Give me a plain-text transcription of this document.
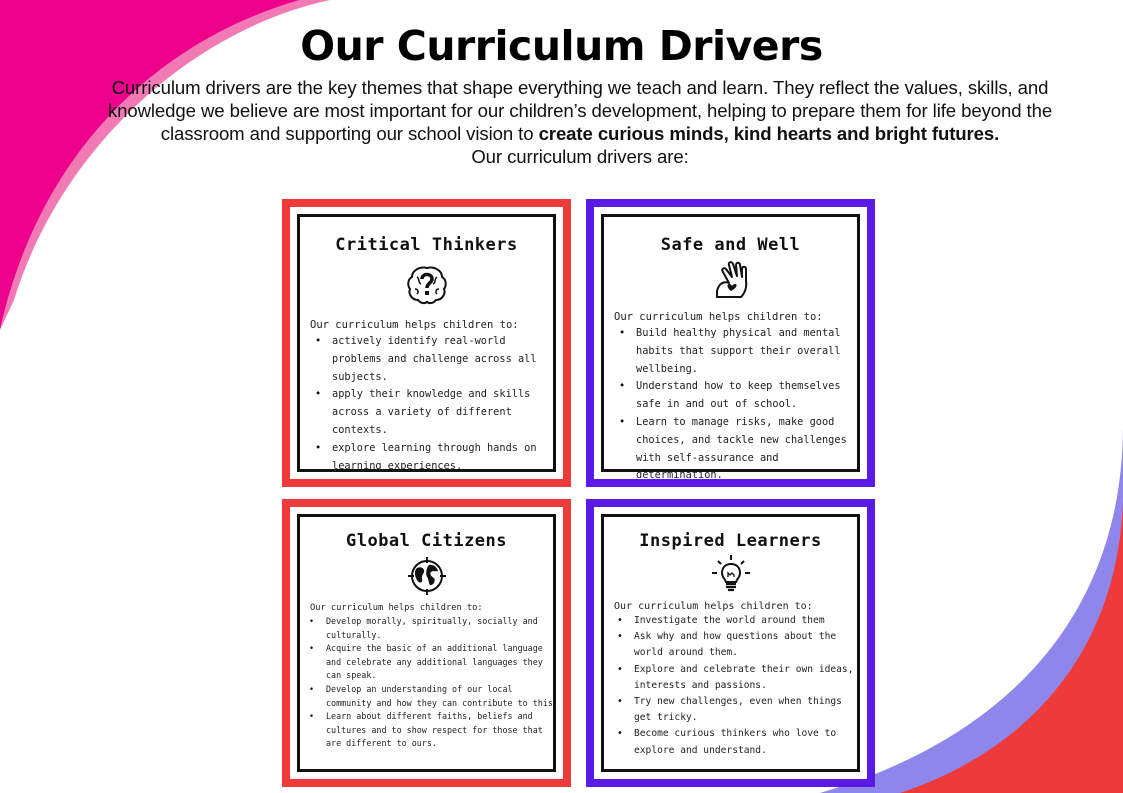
Our Curriculum Drivers
Curriculum drivers are the key themes that shape everything we teach and learn. They reflect the values, skills, and knowledge we believe are most important for our children’s development, helping to prepare them for life beyond the classroom and supporting our school vision to create curious minds, kind hearts and bright futures.
Our curriculum drivers are:
Critical Thinkers

Our curriculum helps children to:

• actively identify real-world problems and challenge across all subjects.
• apply their knowledge and skills across a variety of different contexts.
• explore learning through hands on learning experiences.
Safe and Well

Our curriculum helps children to:

• Build healthy physical and mental habits that support their overall wellbeing.
• Understand how to keep themselves safe in and out of school.
• Learn to manage risks, make good choices, and tackle new challenges with self-assurance and determination.
Global Citizens

Our curriculum helps children to:

• Develop morally, spiritually, socially and culturally.
• Acquire the basic of an additional language and celebrate any additional languages they can speak.
• Develop an understanding of our local community and how they can contribute to this.
• Learn about different faiths, beliefs and cultures and to show respect for those that are different to ours.
Inspired Learners

Our curriculum helps children to:

• Investigate the world around them
• Ask why and how questions about the world around them.
• Explore and celebrate their own ideas, interests and passions.
• Try new challenges, even when things get tricky.
• Become curious thinkers who love to explore and understand.
